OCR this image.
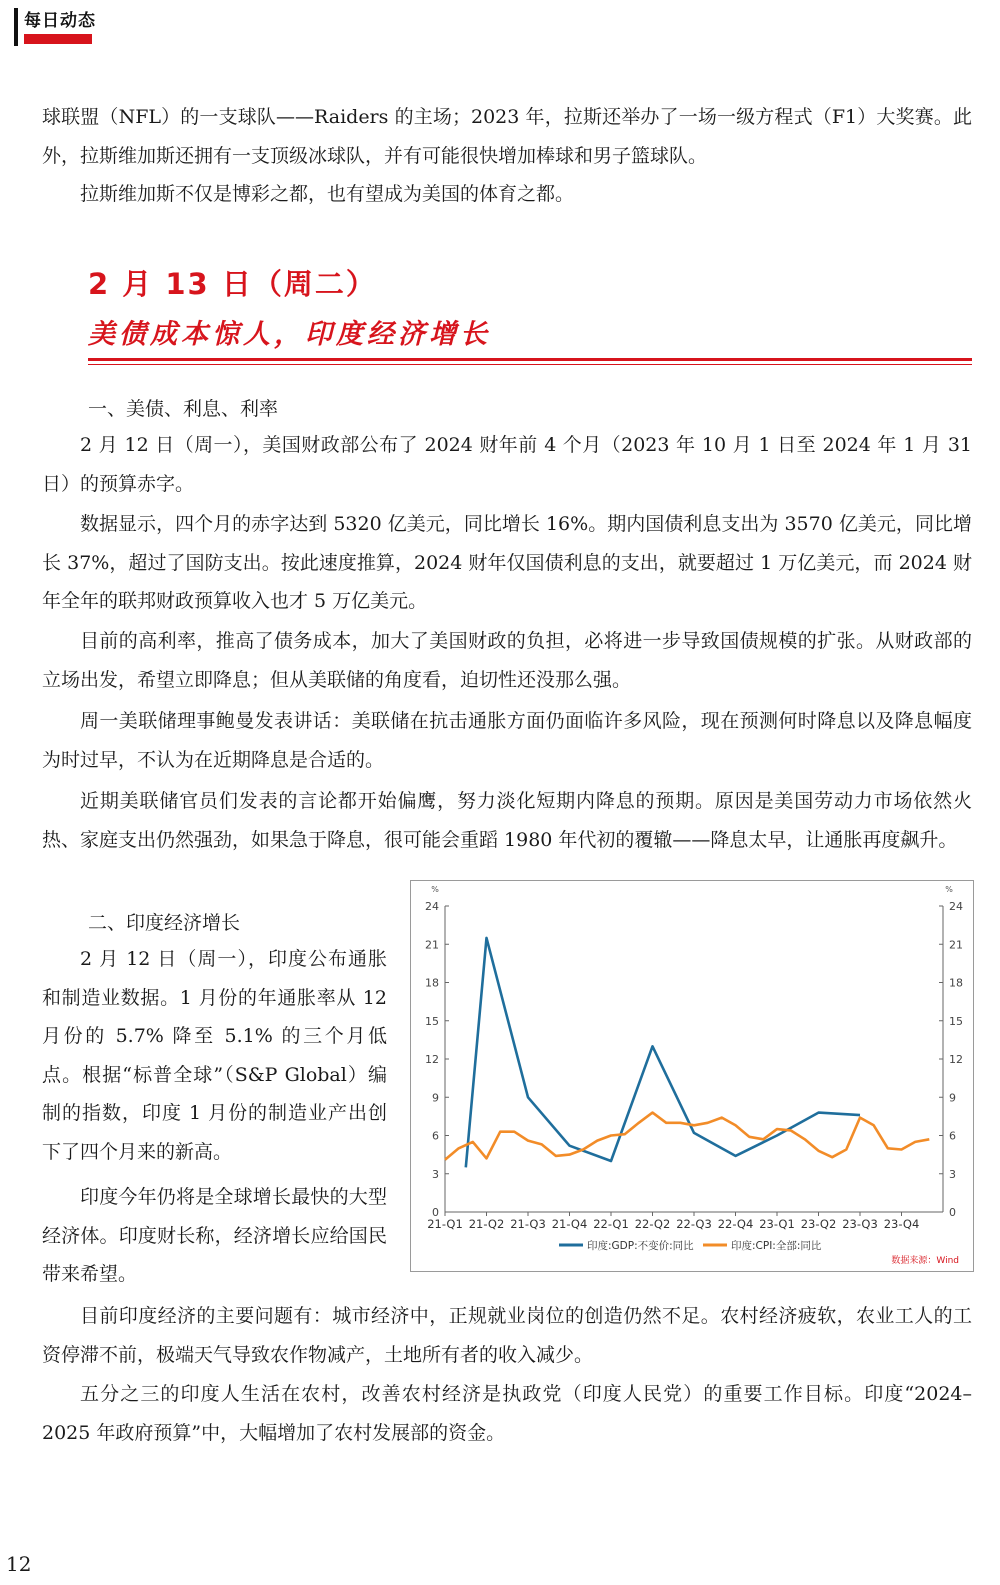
每日动态

球联盟（NFL）的一支球队——Raiders 的主场；2023 年，拉斯还举办了一场一级方程式（F1）大奖赛。此外，拉斯维加斯还拥有一支顶级冰球队，并有可能很快增加棒球和男子篮球队。

拉斯维加斯不仅是博彩之都，也有望成为美国的体育之都。

2 月 13 日（周二）
美债成本惊人，印度经济增长
一、美债、利息、利率

2 月 12 日（周一），美国财政部公布了 2024 财年前 4 个月（2023 年 10 月 1 日至 2024 年 1 月 31 日）的预算赤字。

数据显示，四个月的赤字达到 5320 亿美元，同比增长 16%。期内国债利息支出为 3570 亿美元，同比增长 37%，超过了国防支出。按此速度推算，2024 财年仅国债利息的支出，就要超过 1 万亿美元，而 2024 财年全年的联邦财政预算收入也才 5 万亿美元。

目前的高利率，推高了债务成本，加大了美国财政的负担，必将进一步导致国债规模的扩张。从财政部的立场出发，希望立即降息；但从美联储的角度看，迫切性还没那么强。

周一美联储理事鲍曼发表讲话：美联储在抗击通胀方面仍面临许多风险，现在预测何时降息以及降息幅度为时过早，不认为在近期降息是合适的。

近期美联储官员们发表的言论都开始偏鹰，努力淡化短期内降息的预期。原因是美国劳动力市场依然火热、家庭支出仍然强劲，如果急于降息，很可能会重蹈 1980 年代初的覆辙——降息太早，让通胀再度飙升。

二、印度经济增长

2 月 12 日（周一），印度公布通胀和制造业数据。1 月份的年通胀率从 12 月份的 5.7% 降至 5.1% 的三个月低点。根据“标普全球”（S&P Global）编制的指数，印度 1 月份的制造业产出创下了四个月来的新高。

印度今年仍将是全球增长最快的大型经济体。印度财长称，经济增长应给国民带来希望。

目前印度经济的主要问题有：城市经济中，正规就业岗位的创造仍然不足。农村经济疲软，农业工人的工资停滞不前，极端天气导致农作物减产，土地所有者的收入减少。

五分之三的印度人生活在农村，改善农村经济是执政党（印度人民党）的重要工作目标。印度“2024–2025 年政府预算”中，大幅增加了农村发展部的资金。

%	%
0	0
3	3
6	6
9	9
12	12
15	15
18	18
21	21
24	24
21-Q1 21-Q2 21-Q3 21-Q4 22-Q1 22-Q2 22-Q3 22-Q4 23-Q1 23-Q2 23-Q3 23-Q4
印度:GDP:不变价:同比	印度:CPI:全部:同比
数据来源：Wind
12
